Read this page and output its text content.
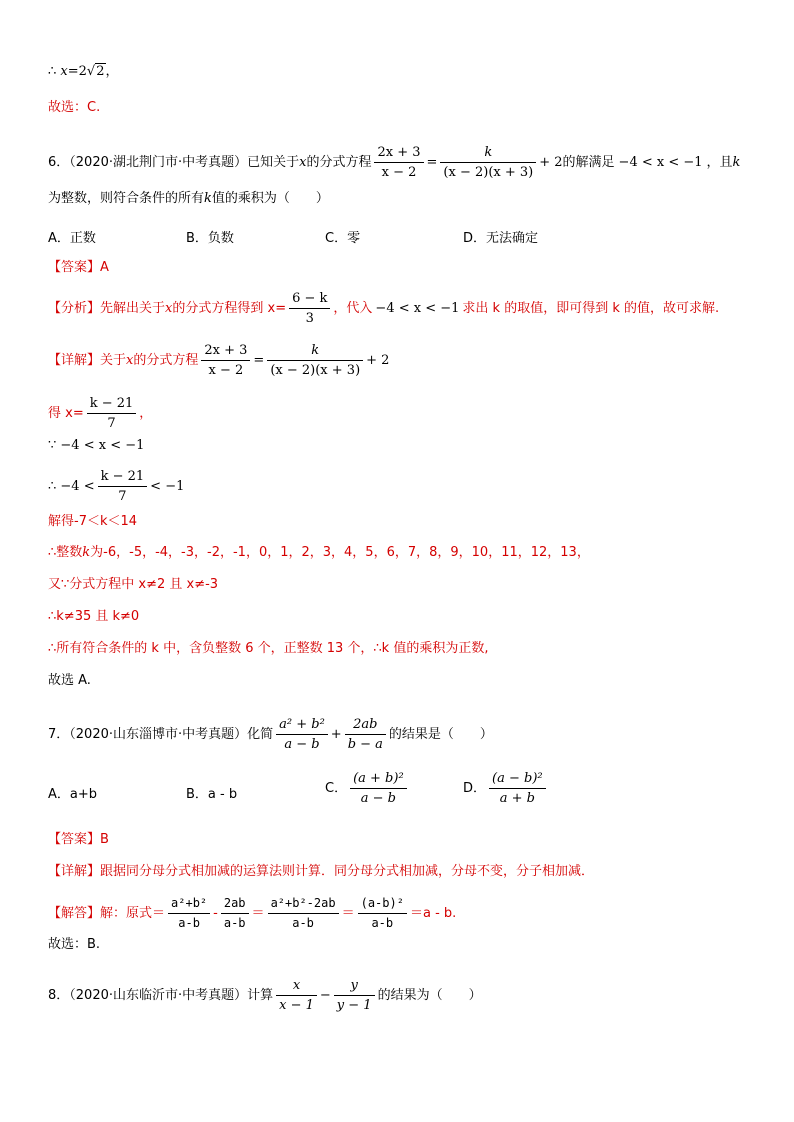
∴ x=2√2，
故选：C.
6．（2020·湖北荆门市·中考真题）已知关于x的分式方程 $\frac{2x + 3}{x - 2} = \frac{k}{(x - 2)(x + 3)} + 2$的解满足 −4 < x < −1 ，且k
为整数，则符合条件的所有k值的乘积为（　　）
A．正数	B．负数	C．零	D．无法确定
【答案】A
【分析】先解出关于x的分式方程得到 $x= \frac{6 - k}{3}$ ，代入 −4 < x < −1 求出 k 的取值，即可得到 k 的值，故可求解.
【详解】关于x的分式方程 $\frac{2x + 3}{x - 2} = \frac{k}{(x - 2)(x + 3)} + 2$
得 $x= \frac{k - 21}{7}$ ，
∵ −4 < x < −1
∴ $-4 < \frac{k - 21}{7} < -1$
解得-7＜k＜14
∴整数k为-6，-5，-4，-3，-2，-1，0，1，2，3，4，5，6，7，8，9，10，11，12，13，
又∵分式方程中 x≠2 且 x≠-3
∴k≠35 且 k≠0
∴所有符合条件的 k 中，含负整数 6 个，正整数 13 个，∴k 值的乘积为正数,
故选 A.
7．（2020·山东淄博市·中考真题）化简 $\frac{\text{a² + b²}}{a - b} + \frac{2ab}{b - a}$ 的结果是（　　）
A．a+b	B．a - b	C． $\frac{\text{(a + b)²}}{a - b}$	D． $\frac{\text{(a − b)²}}{a + b}$
【答案】B
【详解】跟据同分母分式相加减的运算法则计算．同分母分式相加减，分母不变，分子相加减．
【解答】解：原式＝ $\frac{\text{a²+b²}}{a-b} - \frac{2ab}{a-b} = \frac{\text{a²+b²-2ab}}{a-b} = \frac{\text{(a-b)²}}{a-b} =a - b$.
故选：B.
8．（2020·山东临沂市·中考真题）计算 $\frac{x}{x - 1} - \frac{y}{y - 1}$ 的结果为（　　）
